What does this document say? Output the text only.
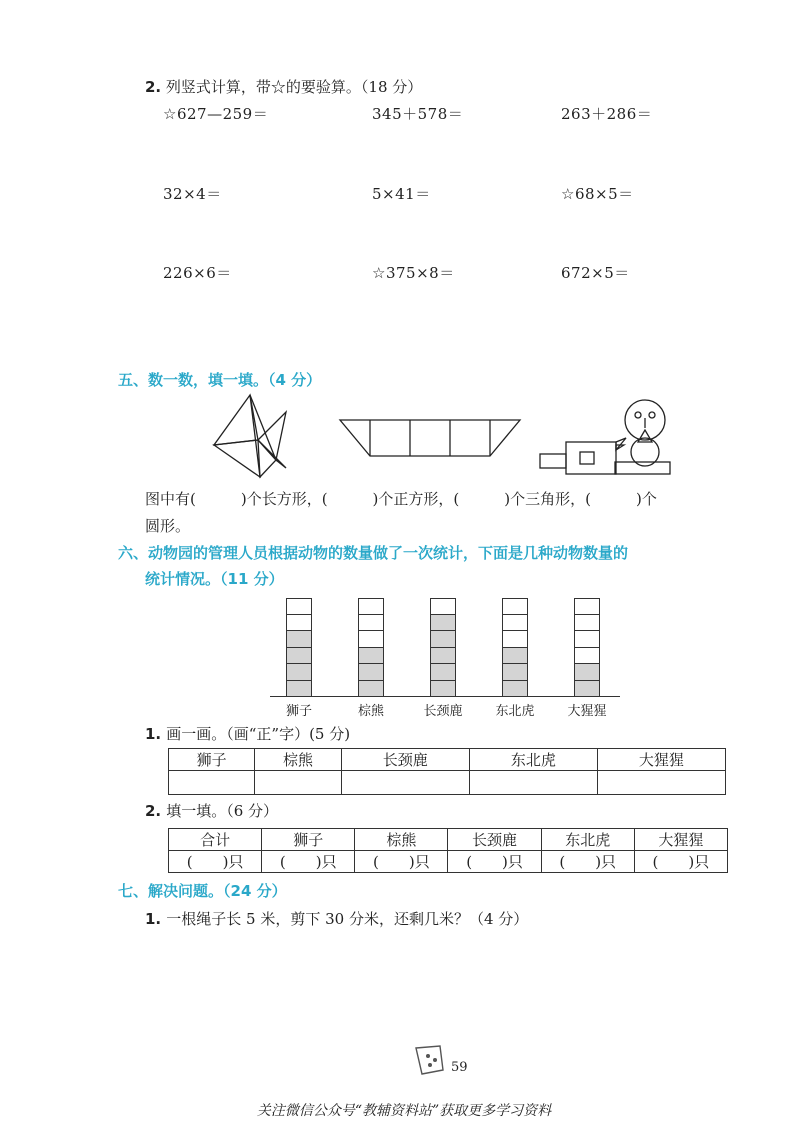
2. 列竖式计算，带☆的要验算。（18 分）
☆627—259＝	345＋578＝	263＋286＝
32×4＝	5×41＝	☆68×5＝
226×6＝	☆375×8＝	672×5＝
五、数一数，填一填。（4 分）
图中有(　　　)个长方形，(　　　)个正方形，(　　　)个三角形，(　　　)个
圆形。
六、动物园的管理人员根据动物的数量做了一次统计，下面是几种动物数量的
统计情况。（11 分）
狮子	棕熊	长颈鹿	东北虎	大猩猩
1. 画一画。（画“正”字）(5 分)
狮子	棕熊	长颈鹿	东北虎	大猩猩

2. 填一填。（6 分）
合计	狮子	棕熊	长颈鹿	东北虎	大猩猩
(　　)只	(　　)只	(　　)只	(　　)只	(　　)只	(　　)只
七、解决问题。（24 分）
1. 一根绳子长 5 米，剪下 30 分米，还剩几米？（4 分）
59
关注微信公众号“教辅资料站”获取更多学习资料
